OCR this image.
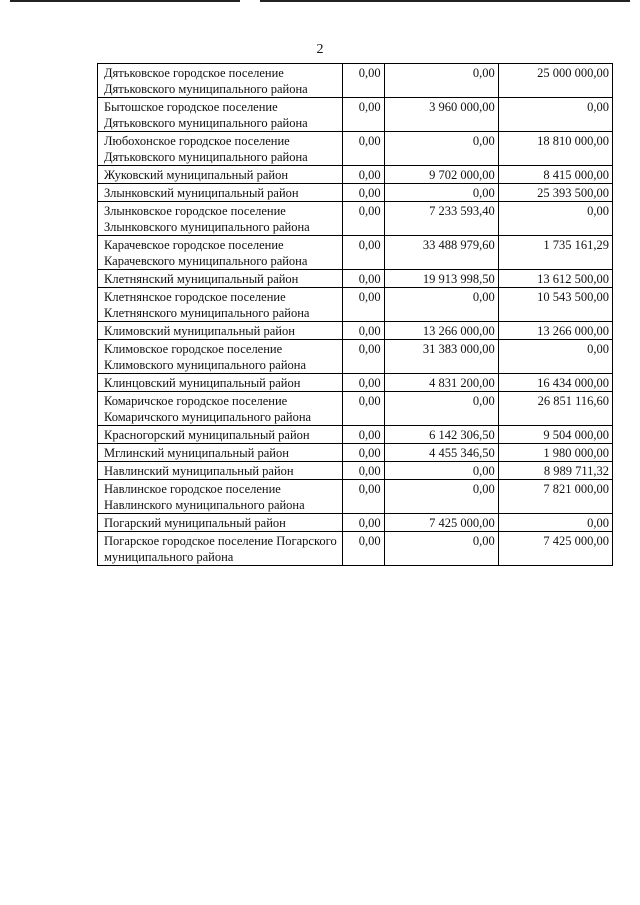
2
Дятьковское городское поселение Дятьковского муниципального района	0,00	0,00	25 000 000,00
Бытошское городское поселение Дятьковского муниципального района	0,00	3 960 000,00	0,00
Любохонское городское поселение Дятьковского муниципального района	0,00	0,00	18 810 000,00
Жуковский муниципальный район	0,00	9 702 000,00	8 415 000,00
Злынковский муниципальный район	0,00	0,00	25 393 500,00
Злынковское городское поселение Злынковского муниципального района	0,00	7 233 593,40	0,00
Карачевское городское поселение Карачевского муниципального района	0,00	33 488 979,60	1 735 161,29
Клетнянский муниципальный район	0,00	19 913 998,50	13 612 500,00
Клетнянское городское поселение Клетнянского муниципального района	0,00	0,00	10 543 500,00
Климовский муниципальный район	0,00	13 266 000,00	13 266 000,00
Климовское городское поселение Климовского муниципального района	0,00	31 383 000,00	0,00
Клинцовский муниципальный район	0,00	4 831 200,00	16 434 000,00
Комаричское городское поселение Комаричского муниципального района	0,00	0,00	26 851 116,60
Красногорский муниципальный район	0,00	6 142 306,50	9 504 000,00
Мглинский муниципальный район	0,00	4 455 346,50	1 980 000,00
Навлинский муниципальный район	0,00	0,00	8 989 711,32
Навлинское городское поселение Навлинского муниципального района	0,00	0,00	7 821 000,00
Погарский муниципальный район	0,00	7 425 000,00	0,00
Погарское городское поселение Погарского муниципального района	0,00	0,00	7 425 000,00
